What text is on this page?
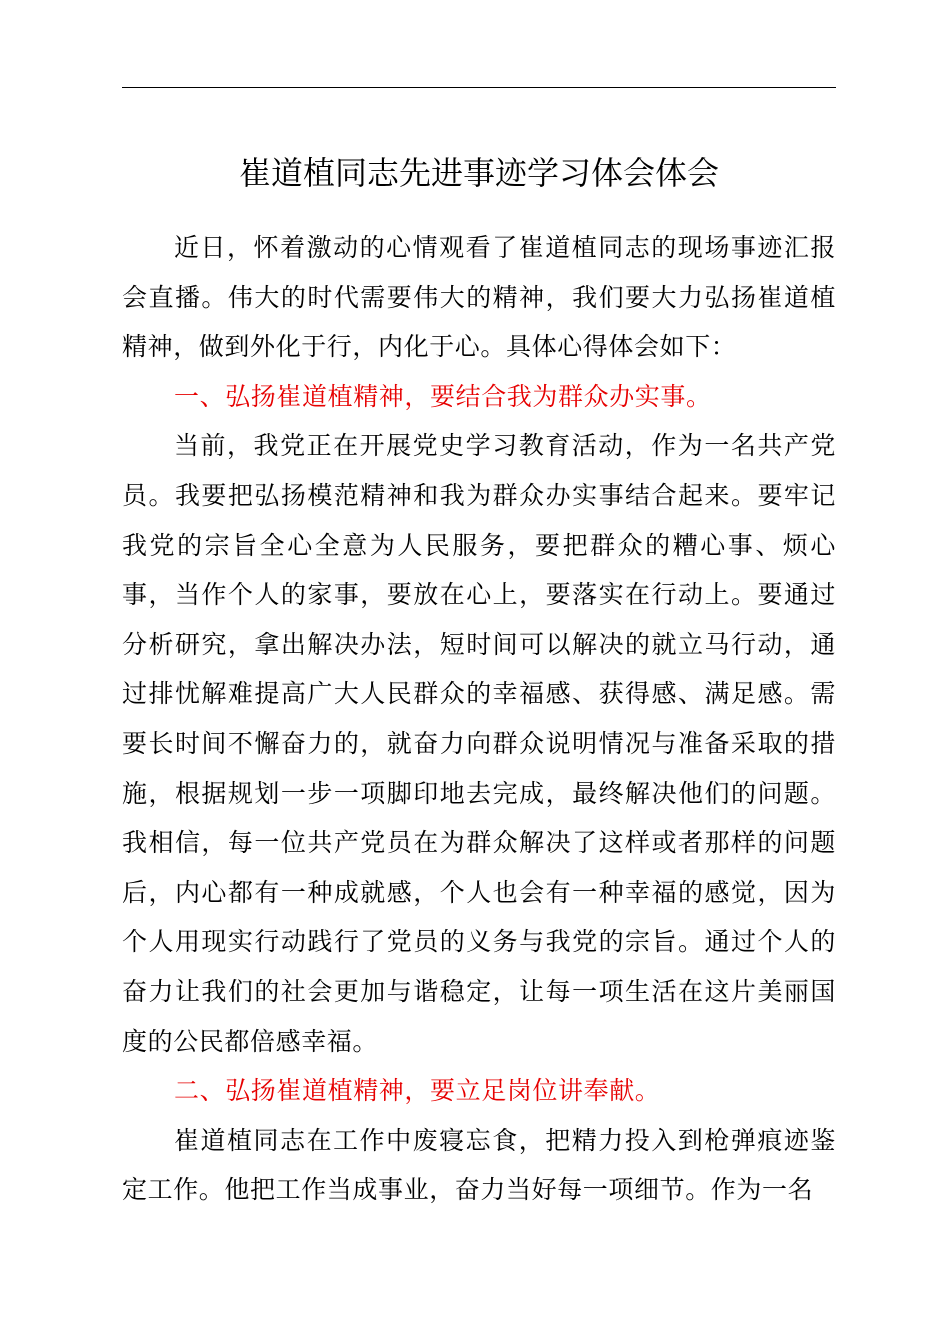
崔道植同志先进事迹学习体会体会

近日，怀着激动的心情观看了崔道植同志的现场事迹汇报会直播。伟大的时代需要伟大的精神，我们要大力弘扬崔道植精神，做到外化于行，内化于心。具体心得体会如下：

一、弘扬崔道植精神，要结合我为群众办实事。

当前，我党正在开展党史学习教育活动，作为一名共产党员。我要把弘扬模范精神和我为群众办实事结合起来。要牢记我党的宗旨全心全意为人民服务，要把群众的糟心事、烦心事，当作个人的家事，要放在心上，要落实在行动上。要通过分析研究，拿出解决办法，短时间可以解决的就立马行动，通过排忧解难提高广大人民群众的幸福感、获得感、满足感。需要长时间不懈奋力的，就奋力向群众说明情况与准备采取的措施，根据规划一步一项脚印地去完成，最终解决他们的问题。我相信，每一位共产党员在为群众解决了这样或者那样的问题后，内心都有一种成就感，个人也会有一种幸福的感觉，因为个人用现实行动践行了党员的义务与我党的宗旨。通过个人的奋力让我们的社会更加与谐稳定，让每一项生活在这片美丽国度的公民都倍感幸福。

二、弘扬崔道植精神，要立足岗位讲奉献。

崔道植同志在工作中废寝忘食，把精力投入到枪弹痕迹鉴定工作。他把工作当成事业，奋力当好每一项细节。作为一名
